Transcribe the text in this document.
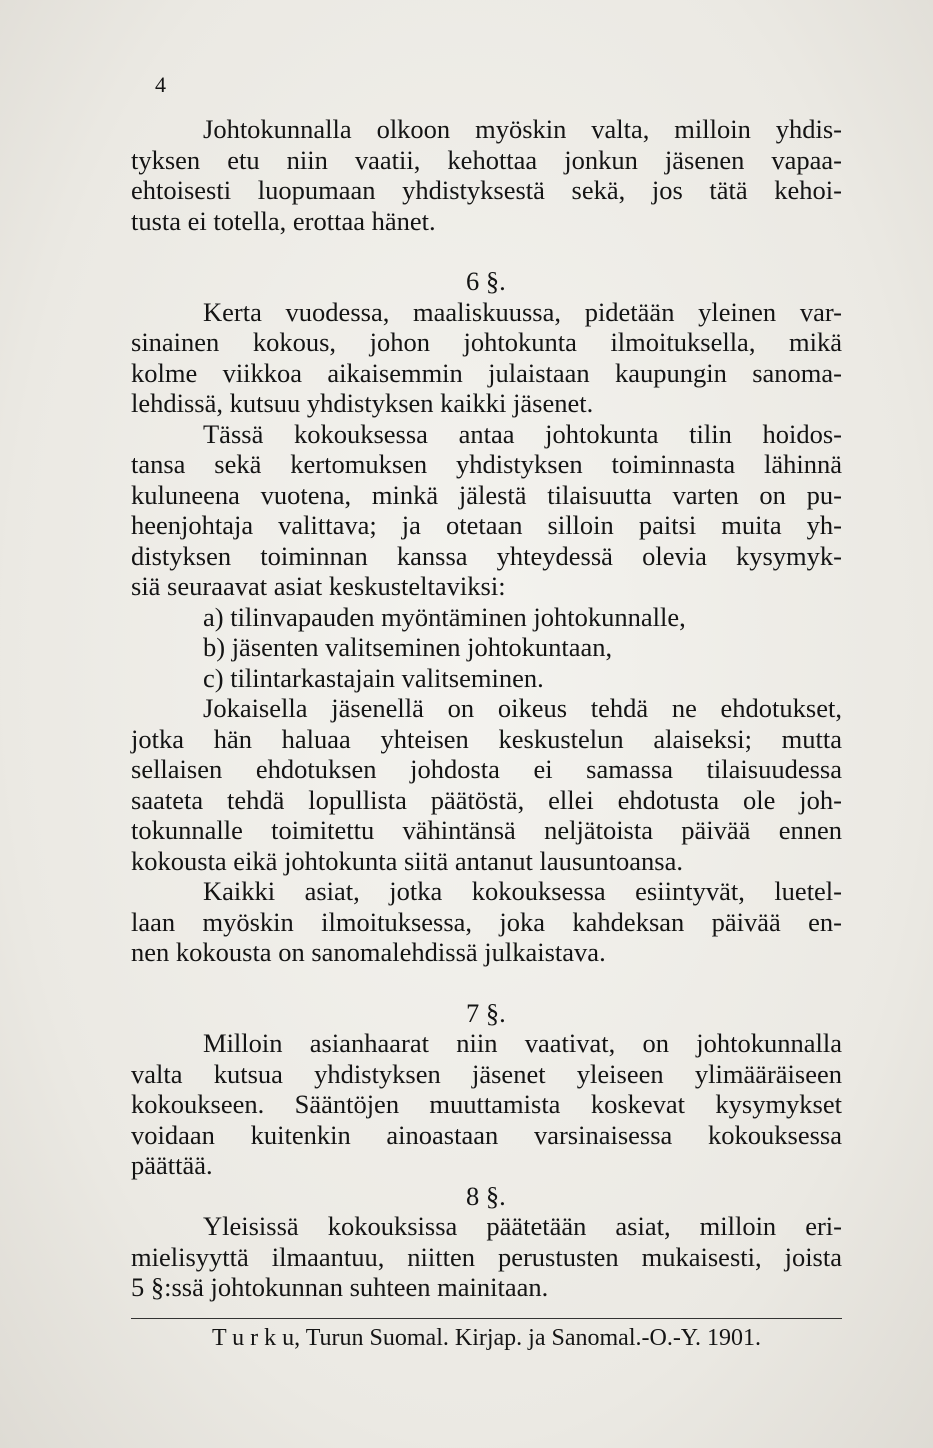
4
Johtokunnalla olkoon myöskin valta, milloin yhdis-
tyksen etu niin vaatii, kehottaa jonkun jäsenen vapaa-
ehtoisesti luopumaan yhdistyksestä sekä, jos tätä kehoi-
tusta ei totella, erottaa hänet.
6 §.
Kerta vuodessa, maaliskuussa, pidetään yleinen var-
sinainen kokous, johon johtokunta ilmoituksella, mikä
kolme viikkoa aikaisemmin julaistaan kaupungin sanoma-
lehdissä, kutsuu yhdistyksen kaikki jäsenet.
Tässä kokouksessa antaa johtokunta tilin hoidos-
tansa sekä kertomuksen yhdistyksen toiminnasta lähinnä
kuluneena vuotena, minkä jälestä tilaisuutta varten on pu-
heenjohtaja valittava; ja otetaan silloin paitsi muita yh-
distyksen toiminnan kanssa yhteydessä olevia kysymyk-
siä seuraavat asiat keskusteltaviksi:
a) tilinvapauden myöntäminen johtokunnalle,
b) jäsenten valitseminen johtokuntaan,
c) tilintarkastajain valitseminen.
Jokaisella jäsenellä on oikeus tehdä ne ehdotukset,
jotka hän haluaa yhteisen keskustelun alaiseksi; mutta
sellaisen ehdotuksen johdosta ei samassa tilaisuudessa
saateta tehdä lopullista päätöstä, ellei ehdotusta ole joh-
tokunnalle toimitettu vähintänsä neljätoista päivää ennen
kokousta eikä johtokunta siitä antanut lausuntoansa.
Kaikki asiat, jotka kokouksessa esiintyvät, luetel-
laan myöskin ilmoituksessa, joka kahdeksan päivää en-
nen kokousta on sanomalehdissä julkaistava.
7 §.
Milloin asianhaarat niin vaativat, on johtokunnalla
valta kutsua yhdistyksen jäsenet yleiseen ylimääräiseen
kokoukseen. Sääntöjen muuttamista koskevat kysymykset
voidaan kuitenkin ainoastaan varsinaisessa kokouksessa
päättää.
8 §.
Yleisissä kokouksissa päätetään asiat, milloin eri-
mielisyyttä ilmaantuu, niitten perustusten mukaisesti, joista
5 §:ssä johtokunnan suhteen mainitaan.
T u r k u, Turun Suomal. Kirjap. ja Sanomal.-O.-Y. 1901.
